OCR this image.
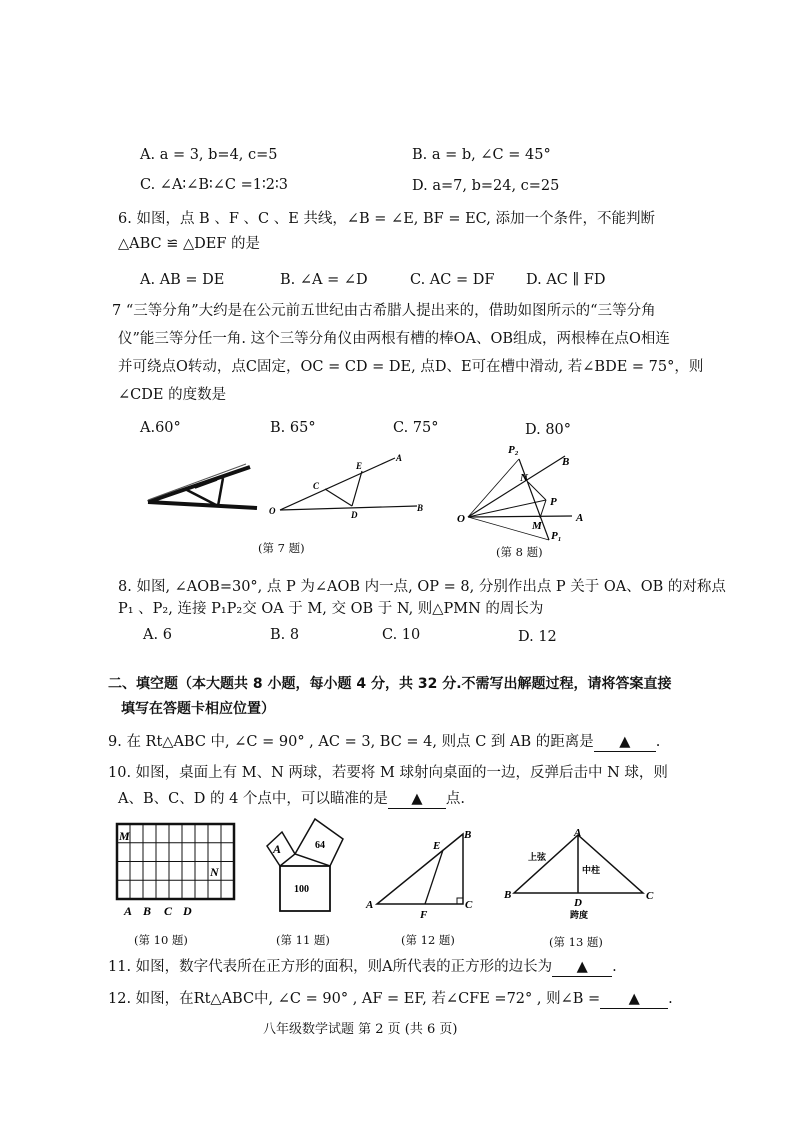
A. a = 3, b=4, c=5	B. a = b, ∠C = 45°
C. ∠A∶∠B∶∠C =1∶2∶3	D. a=7, b=24, c=25
6. 如图，点 B 、F 、C 、E 共线，∠B = ∠E, BF = EC, 添加一个条件，不能判断
△ABC ≌ △DEF 的是
A. AB = DE	B. ∠A = ∠D	C. AC = DF D. AC ∥ FD
7 “三等分角”大约是在公元前五世纪由古希腊人提出来的，借助如图所示的“三等分角
仪”能三等分任一角. 这个三等分角仪由两根有槽的棒OA、OB组成，两根棒在点O相连
并可绕点O转动，点C固定，OC = CD = DE, 点D、E可在槽中滑动, 若∠BDE = 75°，则
∠CDE 的度数是
A.60°	B. 65°	C. 75°	D. 80°
O
C
D
E
A
B
(第 7 题)
O	A
B
P₂
N
P
M
P₁
(第 8 题)
8. 如图, ∠AOB=30°, 点 P 为∠AOB 内一点, OP = 8, 分别作出点 P 关于 OA、OB 的对称点
P₁ 、P₂, 连接 P₁P₂交 OA 于 M, 交 OB 于 N, 则△PMN 的周长为
A. 6	B. 8	C. 10	D. 12
二、填空题（本大题共 8 小题，每小题 4 分，共 32 分.不需写出解题过程，请将答案直接
填写在答题卡相应位置）
9. 在 Rt△ABC 中, ∠C = 90° , AC = 3, BC = 4, 则点 C 到 AB 的距离是 ▲ .
10. 如图，桌面上有 M、N 两球，若要将 M 球射向桌面的一边，反弹后击中 N 球，则
A、B、C、D 的 4 个点中，可以瞄准的是 ▲ 点.
M
N
A B C D
(第 10 题)
A	64
100
(第 11 题)
A
B
C
E
F
(第 12 题)
A
B	C
D
上弦
中柱
跨度
(第 13 题)
11. 如图，数字代表所在正方形的面积，则A所代表的正方形的边长为 ▲ .
12. 如图，在Rt△ABC中, ∠C = 90° , AF = EF, 若∠CFE =72° , 则∠B = ▲ .
八年级数学试题 第 2 页 (共 6 页)
